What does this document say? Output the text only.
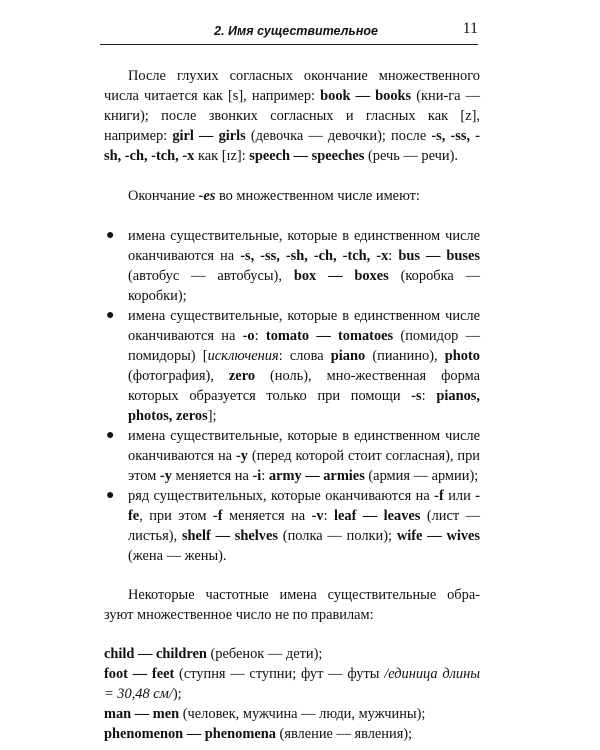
2. Имя существительное	11

После глухих согласных окончание множественного числа читается как [s], например: book — books (кни-га — книги); после звонких согласных и гласных как [z], например: girl — girls (девочка — девочки); после -s, -ss, -sh, -ch, -tch, -x как [ɪz]: speech — speeches (речь — речи).

Окончание -es во множественном числе имеют:

● имена существительные, которые в единственном числе оканчиваются на -s, -ss, -sh, -ch, -tch, -x: bus — buses (автобус — автобусы), box — boxes (коробка — коробки);
● имена существительные, которые в единственном числе оканчиваются на -o: tomato — tomatoes (помидор — помидоры) [исключения: слова piano (пианино), photo (фотография), zero (ноль), мно-жественная форма которых образуется только при помощи -s: pianos, photos, zeros];
● имена существительные, которые в единственном числе оканчиваются на -y (перед которой стоит согласная), при этом -y меняется на -i: army — armies (армия — армии);
● ряд существительных, которые оканчиваются на -f или -fe, при этом -f меняется на -v: leaf — leaves (лист — листья), shelf — shelves (полка — полки); wife — wives (жена — жены).

Некоторые частотные имена существительные обра-зуют множественное число не по правилам:

child — children (ребенок — дети);

foot — feet (ступня — ступни; фут — футы /единица длины = 30,48 см/);

man — men (человек, мужчина — люди, мужчины);

phenomenon — phenomena (явление — явления);
